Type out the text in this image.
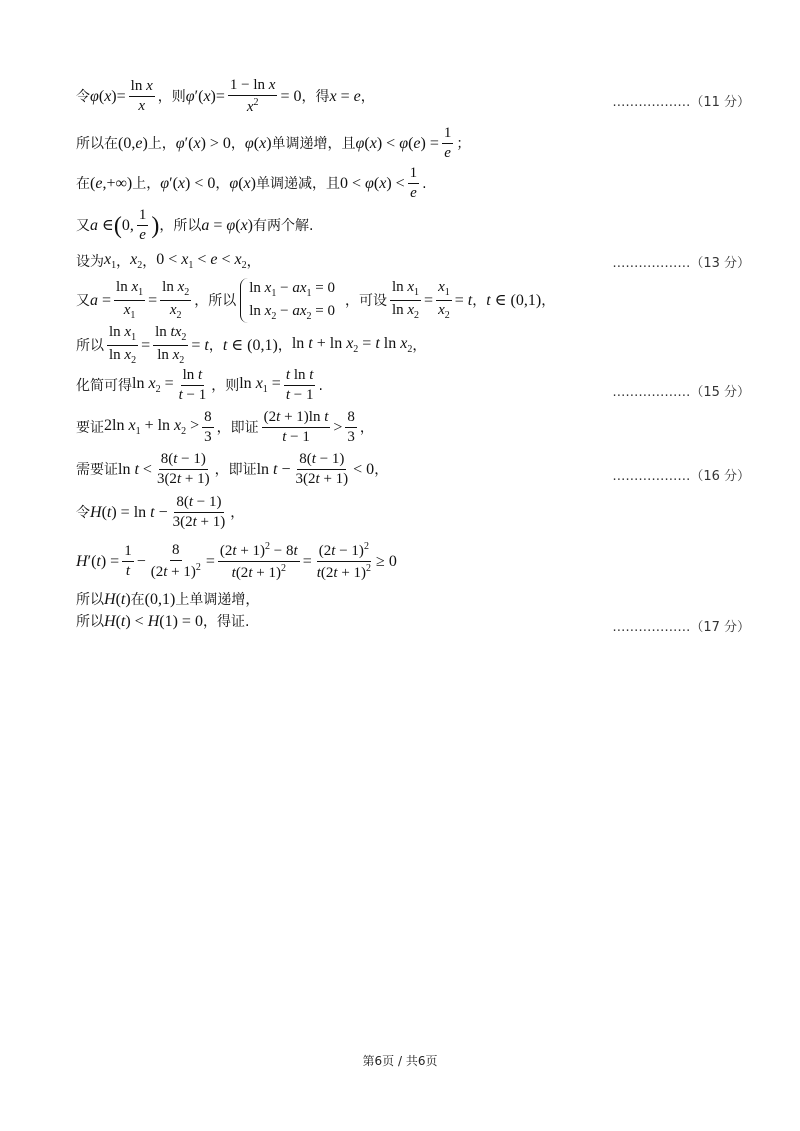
令 $\varphi(x)= \frac{\text{ln x}}{x}$ ，则 $\varphi'(x)= \frac{\text{1 − ln x}}{x^2} = 0$ ，得 x = e ，	………………（11 分）
所以在 (0,e) 上， φ′(x) > 0 ， φ(x) 单调递增，且 $\varphi(x) < \varphi(e) = \frac{1}{e}$ ；
在 (e,+∞) 上， φ′(x) < 0 ， φ(x) 单调递减，且 $0 < \varphi(x) < \frac{1}{e}$ .
又 a ∈ ( 0, $\frac{1}{e}$ ) ，所以 a = φ(x) 有两个解.
设为 $x_1$ ， $x_2$ ， $0 < x_1 < e < x_2$ ，	………………（13 分）
又 $a = \frac{\ln x_1}{x_1} = \frac{\ln x_2}{x_2}$ ，所以
$\ln x_1 - ax_1 = 0$
$\ln x_2 - ax_2 = 0$
，可设 $\frac{\ln x_1}{\ln x_2} = \frac{x_1}{x_2} = t$ ， t ∈ (0,1) ，
所以 $\frac{\ln x_1}{\ln x_2} = \frac{\ln tx_2}{\ln x_2} = t$ ， t ∈ (0,1) ， $\ln t + \ln x_2 = t$ $\ln x_2$ ，
化简可得 $\ln x_2 = \frac{\text{ln t}}{t - 1}$ ，则 $\ln x_1 = \frac{\text{t ln t}}{t - 1}$ .	………………（15 分）
要证 2ln $x_1 + \ln x_2 > \frac{8}{3}$ ，即证 $\frac{\text{(2t + 1)ln t}}{t - 1} > \frac{8}{3}$ ，
需要证 $\ln t < \frac{8(t - 1)}{3(2t + 1)}$ ，即证 $\ln t - \frac{8(t - 1)}{3(2t + 1)} < 0$ ，	………………（16 分）
令 $H(t) = \ln t - \frac{8(t - 1)}{3(2t + 1)}$ ，
$H'(t) = \frac{1}{t} - \frac{8}{(2t + 1)^2} = \frac{(2t + 1)^2 - 8t}{t(2t + 1)^2} = \frac{(2t - 1)^2}{t(2t + 1)^2} \ge 0$
所以 H(t) 在 (0,1) 上单调递增，
所以 H(t) < H(1) = 0 ，得证.	………………（17 分）
第6页 / 共6页
